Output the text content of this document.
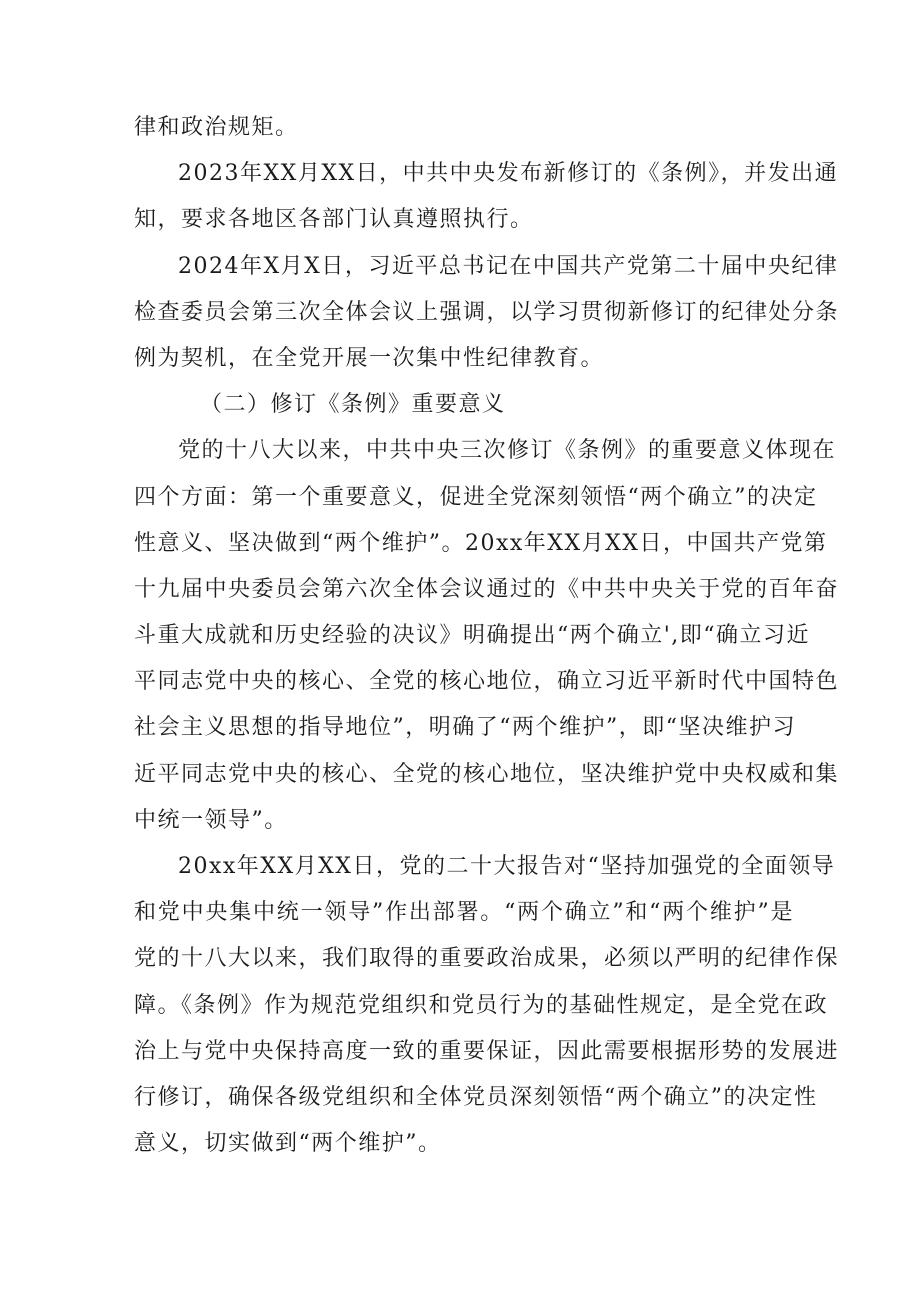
律和政治规矩。
2023年XX月XX日，中共中央发布新修订的《条例》，并发出通
知，要求各地区各部门认真遵照执行。
2024年X月X日，习近平总书记在中国共产党第二十届中央纪律
检查委员会第三次全体会议上强调，以学习贯彻新修订的纪律处分条
例为契机，在全党开展一次集中性纪律教育。
（二）修订《条例》重要意义
党的十八大以来，中共中央三次修订《条例》的重要意义体现在
四个方面：第一个重要意义，促进全党深刻领悟“两个确立”的决定
性意义、坚决做到“两个维护”。20xx年XX月XX日，中国共产党第
十九届中央委员会第六次全体会议通过的《中共中央关于党的百年奋
斗重大成就和历史经验的决议》明确提出“两个确立',即“确立习近
平同志党中央的核心、全党的核心地位，确立习近平新时代中国特色
社会主义思想的指导地位”，明确了“两个维护”，即“坚决维护习
近平同志党中央的核心、全党的核心地位，坚决维护党中央权威和集
中统一领导”。
20xx年XX月XX日，党的二十大报告对“坚持加强党的全面领导
和党中央集中统一领导”作出部署。“两个确立”和“两个维护”是
党的十八大以来，我们取得的重要政治成果，必须以严明的纪律作保
障。《条例》作为规范党组织和党员行为的基础性规定，是全党在政
治上与党中央保持高度一致的重要保证，因此需要根据形势的发展进
行修订，确保各级党组织和全体党员深刻领悟“两个确立”的决定性
意义，切实做到“两个维护”。
